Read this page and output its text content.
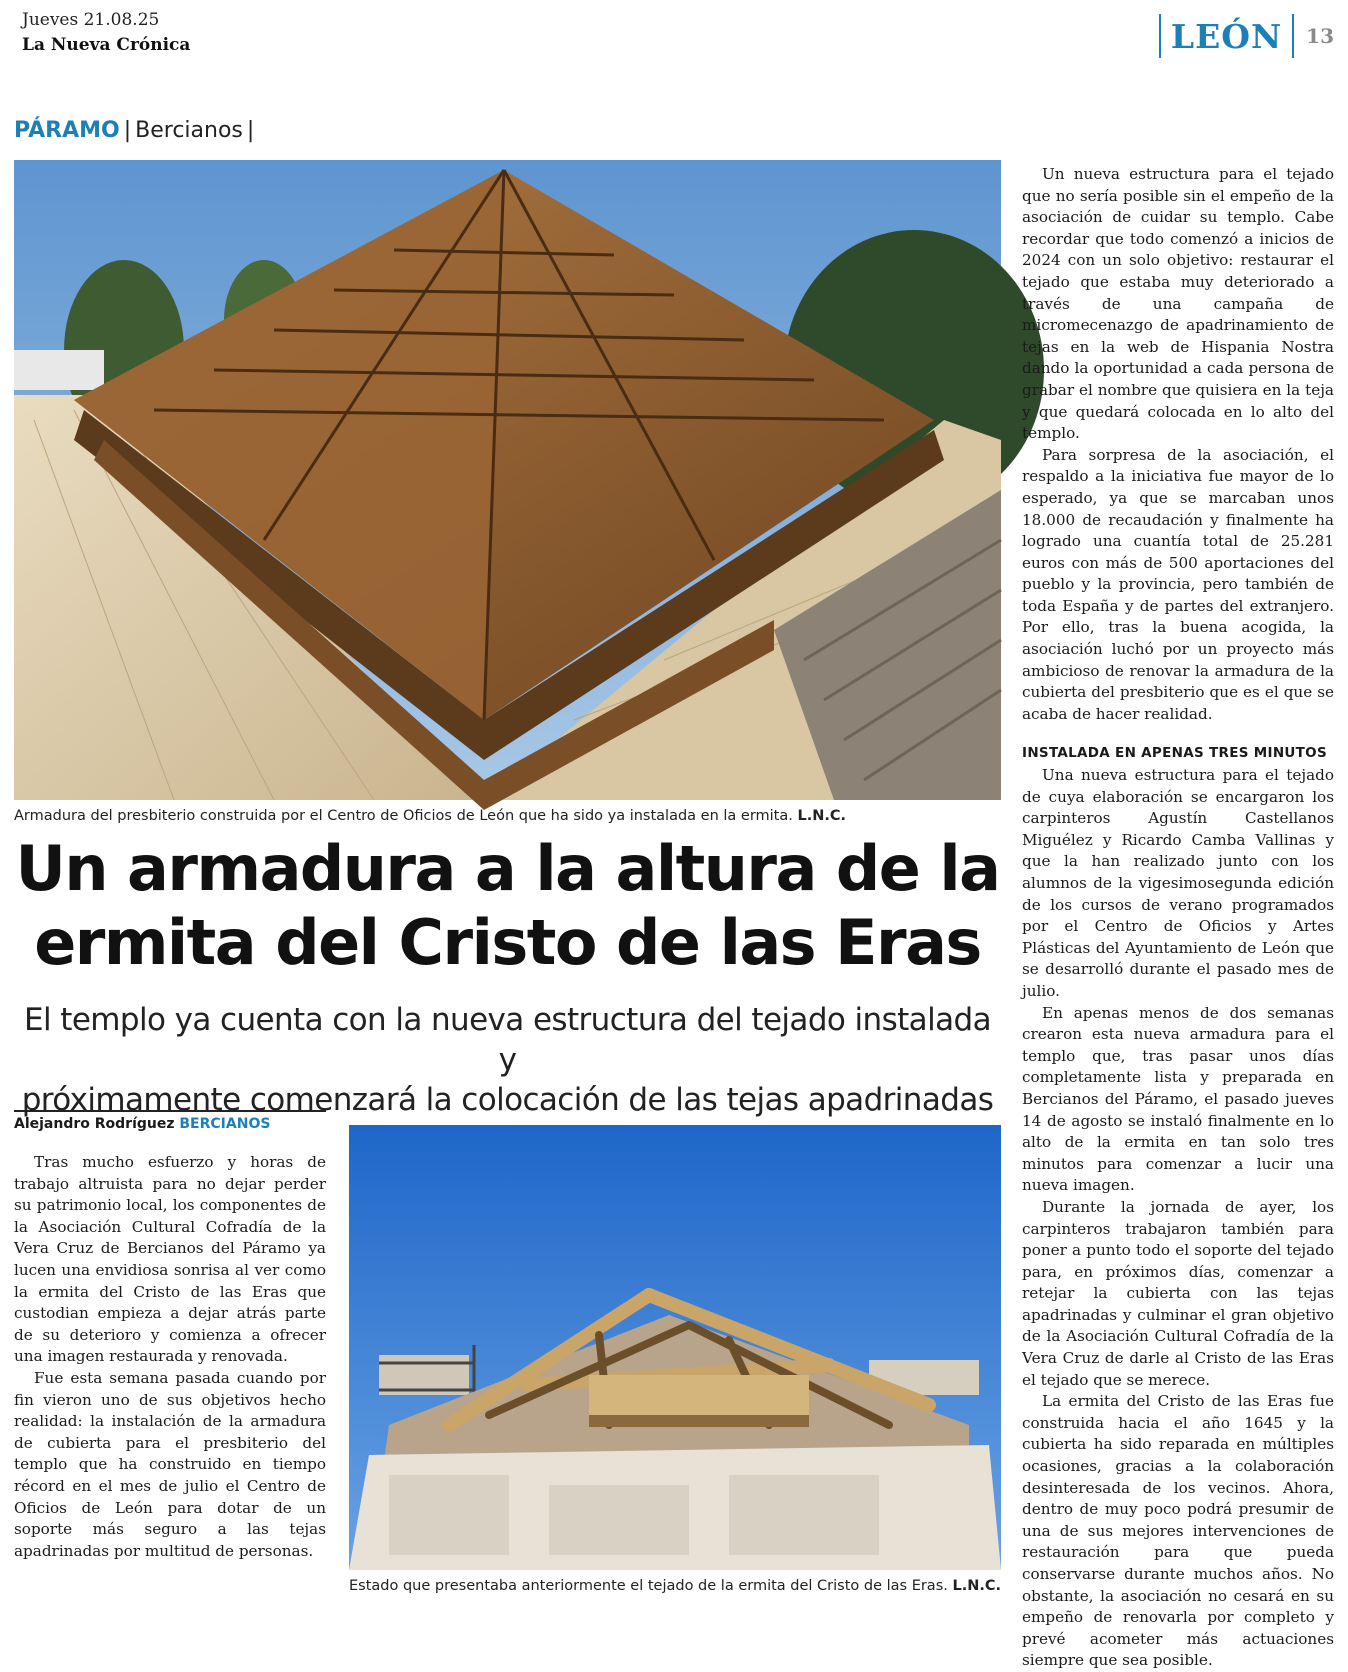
Jueves 21.08.25
La Nueva Crónica	LEÓN	13
PÁRAMO | Bercianos |
Armadura del presbiterio construida por el Centro de Oficios de León que ha sido ya instalada en la ermita. L.N.C.
Un armadura a la altura de la
ermita del Cristo de las Eras
El templo ya cuenta con la nueva estructura del tejado instalada y
próximamente comenzará la colocación de las tejas apadrinadas
Alejandro Rodríguez BERCIANOS

Tras mucho esfuerzo y horas de trabajo altruista para no dejar perder su patrimonio local, los componentes de la Asociación Cultural Cofradía de la Vera Cruz de Bercianos del Páramo ya lucen una envidiosa sonrisa al ver como la ermita del Cristo de las Eras que custodian empieza a dejar atrás parte de su deterioro y comienza a ofrecer una imagen restaurada y renovada.

Fue esta semana pasada cuando por fin vieron uno de sus objetivos hecho realidad: la instalación de la armadura de cubierta para el presbiterio del templo que ha construido en tiempo récord en el mes de julio el Centro de Oficios de León para dotar de un soporte más seguro a las tejas apadrinadas por multitud de personas.

Estado que presentaba anteriormente el tejado de la ermita del Cristo de las Eras. L.N.C.

Un nueva estructura para el tejado que no sería posible sin el empeño de la asociación de cuidar su templo. Cabe recordar que todo comenzó a inicios de 2024 con un solo objetivo: restaurar el tejado que estaba muy deteriorado a través de una campaña de micromecenazgo de apadrinamiento de tejas en la web de Hispania Nostra dando la oportunidad a cada persona de grabar el nombre que quisiera en la teja y que quedará colocada en lo alto del templo.

Para sorpresa de la asociación, el respaldo a la iniciativa fue mayor de lo esperado, ya que se marcaban unos 18.000 de recaudación y finalmente ha logrado una cuantía total de 25.281 euros con más de 500 aportaciones del pueblo y la provincia, pero también de toda España y de partes del extranjero. Por ello, tras la buena acogida, la asociación luchó por un proyecto más ambicioso de renovar la armadura de la cubierta del presbiterio que es el que se acaba de hacer realidad.

INSTALADA EN APENAS TRES MINUTOS

Una nueva estructura para el tejado de cuya elaboración se encargaron los carpinteros Agustín Castellanos Miguélez y Ricardo Camba Vallinas y que la han realizado junto con los alumnos de la vigesimosegunda edición de los cursos de verano programados por el Centro de Oficios y Artes Plásticas del Ayuntamiento de León que se desarrolló durante el pasado mes de julio.

En apenas menos de dos semanas crearon esta nueva armadura para el templo que, tras pasar unos días completamente lista y preparada en Bercianos del Páramo, el pasado jueves 14 de agosto se instaló finalmente en lo alto de la ermita en tan solo tres minutos para comenzar a lucir una nueva imagen.

Durante la jornada de ayer, los carpinteros trabajaron también para poner a punto todo el soporte del tejado para, en próximos días, comenzar a retejar la cubierta con las tejas apadrinadas y culminar el gran objetivo de la Asociación Cultural Cofradía de la Vera Cruz de darle al Cristo de las Eras el tejado que se merece.

La ermita del Cristo de las Eras fue construida hacia el año 1645 y la cubierta ha sido reparada en múltiples ocasiones, gracias a la colaboración desinteresada de los vecinos. Ahora, dentro de muy poco podrá presumir de una de sus mejores intervenciones de restauración para que pueda conservarse durante muchos años. No obstante, la asociación no cesará en su empeño de renovarla por completo y prevé acometer más actuaciones siempre que sea posible.
